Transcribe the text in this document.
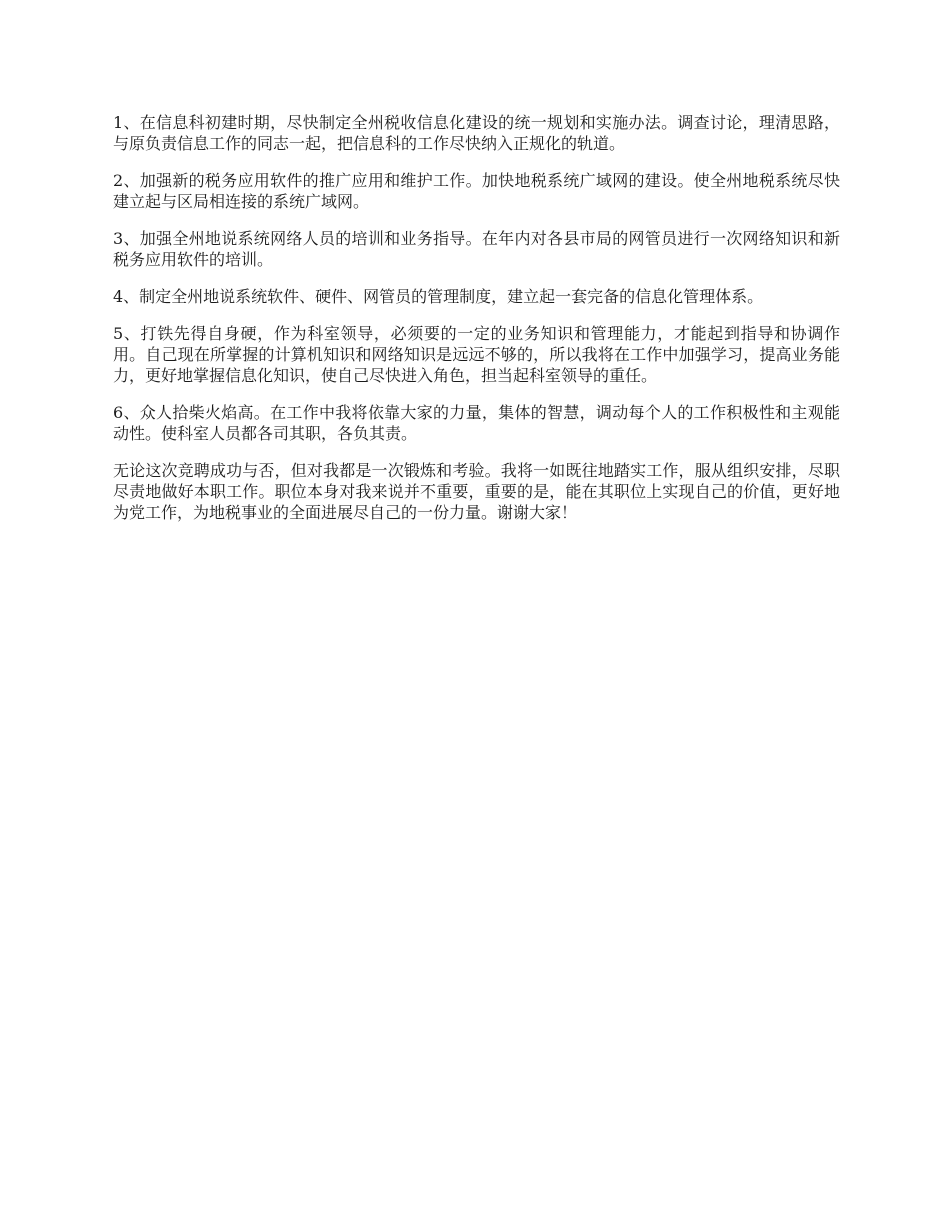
1、在信息科初建时期，尽快制定全州税收信息化建设的统一规划和实施办法。调查讨论，理清思路，与原负责信息工作的同志一起，把信息科的工作尽快纳入正规化的轨道。

2、加强新的税务应用软件的推广应用和维护工作。加快地税系统广域网的建设。使全州地税系统尽快建立起与区局相连接的系统广域网。

3、加强全州地说系统网络人员的培训和业务指导。在年内对各县市局的网管员进行一次网络知识和新税务应用软件的培训。

4、制定全州地说系统软件、硬件、网管员的管理制度，建立起一套完备的信息化管理体系。

5、打铁先得自身硬，作为科室领导，必须要的一定的业务知识和管理能力，才能起到指导和协调作用。自己现在所掌握的计算机知识和网络知识是远远不够的，所以我将在工作中加强学习，提高业务能力，更好地掌握信息化知识，使自己尽快进入角色，担当起科室领导的重任。

6、众人拾柴火焰高。在工作中我将依靠大家的力量，集体的智慧，调动每个人的工作积极性和主观能动性。使科室人员都各司其职，各负其责。

无论这次竞聘成功与否，但对我都是一次锻炼和考验。我将一如既往地踏实工作，服从组织安排，尽职尽责地做好本职工作。职位本身对我来说并不重要，重要的是，能在其职位上实现自己的价值，更好地为党工作，为地税事业的全面进展尽自己的一份力量。谢谢大家！
